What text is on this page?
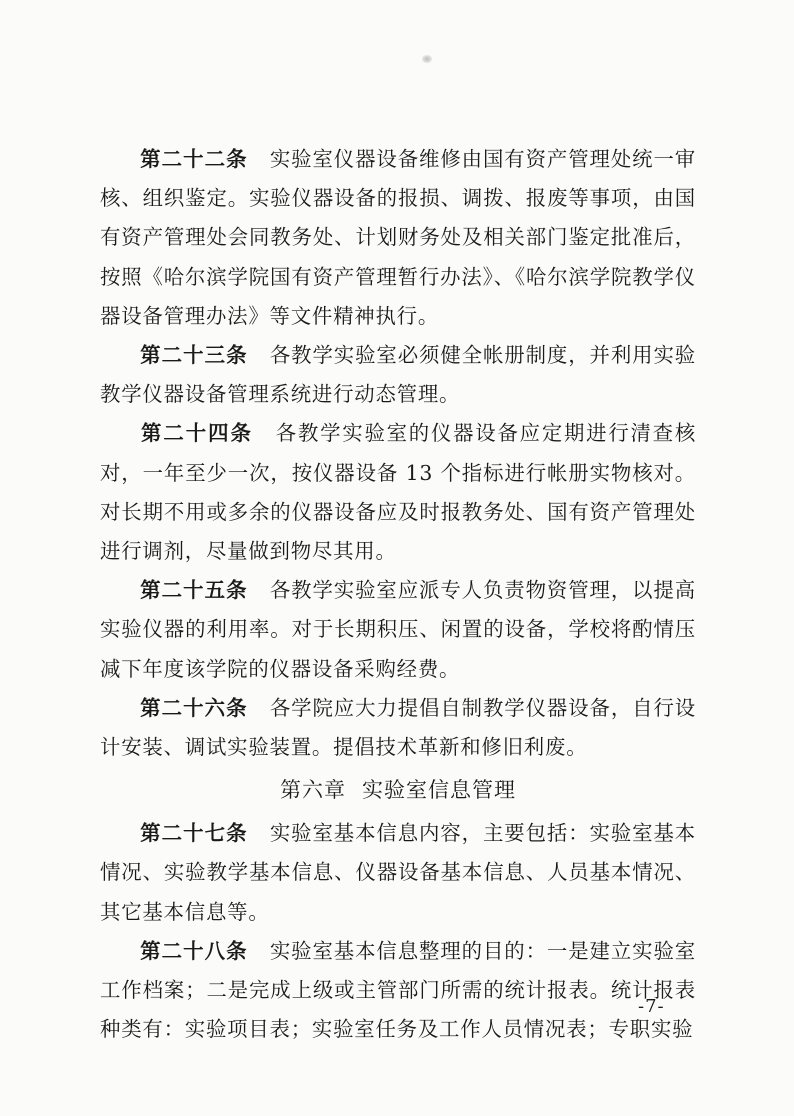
第二十二条 实验室仪器设备维修由国有资产管理处统一审核、组织鉴定。实验仪器设备的报损、调拨、报废等事项，由国有资产管理处会同教务处、计划财务处及相关部门鉴定批准后，按照《哈尔滨学院国有资产管理暂行办法》、《哈尔滨学院教学仪器设备管理办法》等文件精神执行。

第二十三条 各教学实验室必须健全帐册制度，并利用实验教学仪器设备管理系统进行动态管理。

第二十四条 各教学实验室的仪器设备应定期进行清查核对，一年至少一次，按仪器设备 13 个指标进行帐册实物核对。对长期不用或多余的仪器设备应及时报教务处、国有资产管理处进行调剂，尽量做到物尽其用。

第二十五条 各教学实验室应派专人负责物资管理，以提高实验仪器的利用率。对于长期积压、闲置的设备，学校将酌情压减下年度该学院的仪器设备采购经费。

第二十六条 各学院应大力提倡自制教学仪器设备，自行设计安装、调试实验装置。提倡技术革新和修旧利废。

第六章 实验室信息管理

第二十七条 实验室基本信息内容，主要包括：实验室基本情况、实验教学基本信息、仪器设备基本信息、人员基本情况、其它基本信息等。

第二十八条 实验室基本信息整理的目的：一是建立实验室工作档案；二是完成上级或主管部门所需的统计报表。统计报表种类有：实验项目表；实验室任务及工作人员情况表；专职实验

-7-
